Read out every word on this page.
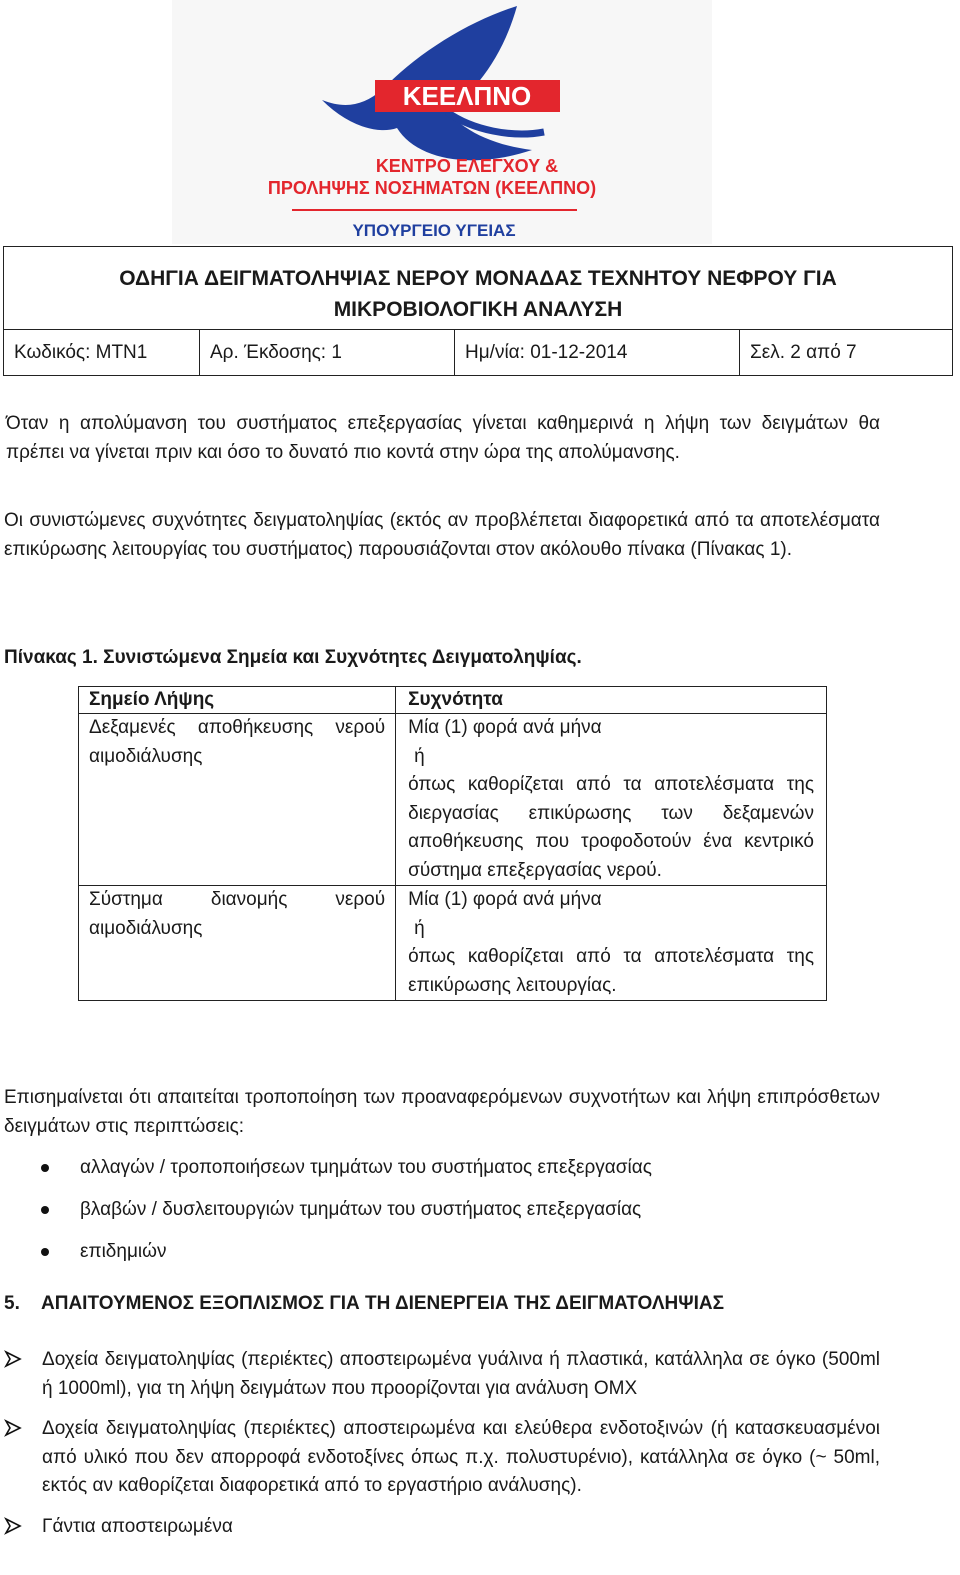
ΚΕΕΛΠΝΟ
ΚΕΝΤΡΟ ΕΛΕΓΧΟΥ &
ΠΡΟΛΗΨΗΣ ΝΟΣΗΜΑΤΩΝ (ΚΕΕΛΠΝΟ)
ΥΠΟΥΡΓΕΙΟ ΥΓΕΙΑΣ
ΟΔΗΓΙΑ ΔΕΙΓΜΑΤΟΛΗΨΙΑΣ ΝΕΡΟΥ ΜΟΝΑΔΑΣ ΤΕΧΝΗΤΟΥ ΝΕΦΡΟΥ ΓΙΑ
ΜΙΚΡΟΒΙΟΛΟΓΙΚΗ ΑΝΑΛΥΣΗ

Κωδικός: ΜΤΝ1	Αρ. Έκδοσης: 1	Ημ/νία: 01-12-2014	Σελ. 2 από 7
Όταν η απολύμανση του συστήματος επεξεργασίας γίνεται καθημερινά η λήψη των δειγμάτων θα πρέπει να γίνεται πριν και όσο το δυνατό πιο κοντά στην ώρα της απολύμανσης.
Οι συνιστώμενες συχνότητες δειγματοληψίας (εκτός αν προβλέπεται διαφορετικά από τα αποτελέσματα επικύρωσης λειτουργίας του συστήματος) παρουσιάζονται στον ακόλουθο πίνακα (Πίνακας 1).
Πίνακας 1. Συνιστώμενα Σημεία και Συχνότητες Δειγματοληψίας.
Σημείο Λήψης	Συχνότητα
Δεξαμενές αποθήκευσης νερού αιμοδιάλυσης	Μία (1) φορά ανά μήνα
ή
όπως καθορίζεται από τα αποτελέσματα της διεργασίας επικύρωσης των δεξαμενών αποθήκευσης που τροφοδοτούν ένα κεντρικό σύστημα επεξεργασίας νερού.

Σύστημα διανομής νερού αιμοδιάλυσης	Μία (1) φορά ανά μήνα
ή
όπως καθορίζεται από τα αποτελέσματα της επικύρωσης λειτουργίας.
Επισημαίνεται ότι απαιτείται τροποποίηση των προαναφερόμενων συχνοτήτων και λήψη επιπρόσθετων δειγμάτων στις περιπτώσεις:
αλλαγών / τροποποιήσεων τμημάτων του συστήματος επεξεργασίας
βλαβών / δυσλειτουργιών τμημάτων του συστήματος επεξεργασίας
επιδημιών
5. ΑΠΑΙΤΟΥΜΕΝΟΣ ΕΞΟΠΛΙΣΜΟΣ ΓΙΑ ΤΗ ΔΙΕΝΕΡΓΕΙΑ ΤΗΣ ΔΕΙΓΜΑΤΟΛΗΨΙΑΣ
Δοχεία δειγματοληψίας (περιέκτες) αποστειρωμένα γυάλινα ή πλαστικά, κατάλληλα σε όγκο (500ml ή 1000ml), για τη λήψη δειγμάτων που προορίζονται για ανάλυση ΟΜΧ
Δοχεία δειγματοληψίας (περιέκτες) αποστειρωμένα και ελεύθερα ενδοτοξινών (ή κατασκευασμένοι από υλικό που δεν απορροφά ενδοτοξίνες όπως π.χ. πολυστυρένιο), κατάλληλα σε όγκο (~ 50ml, εκτός αν καθορίζεται διαφορετικά από το εργαστήριο ανάλυσης).
Γάντια αποστειρωμένα
